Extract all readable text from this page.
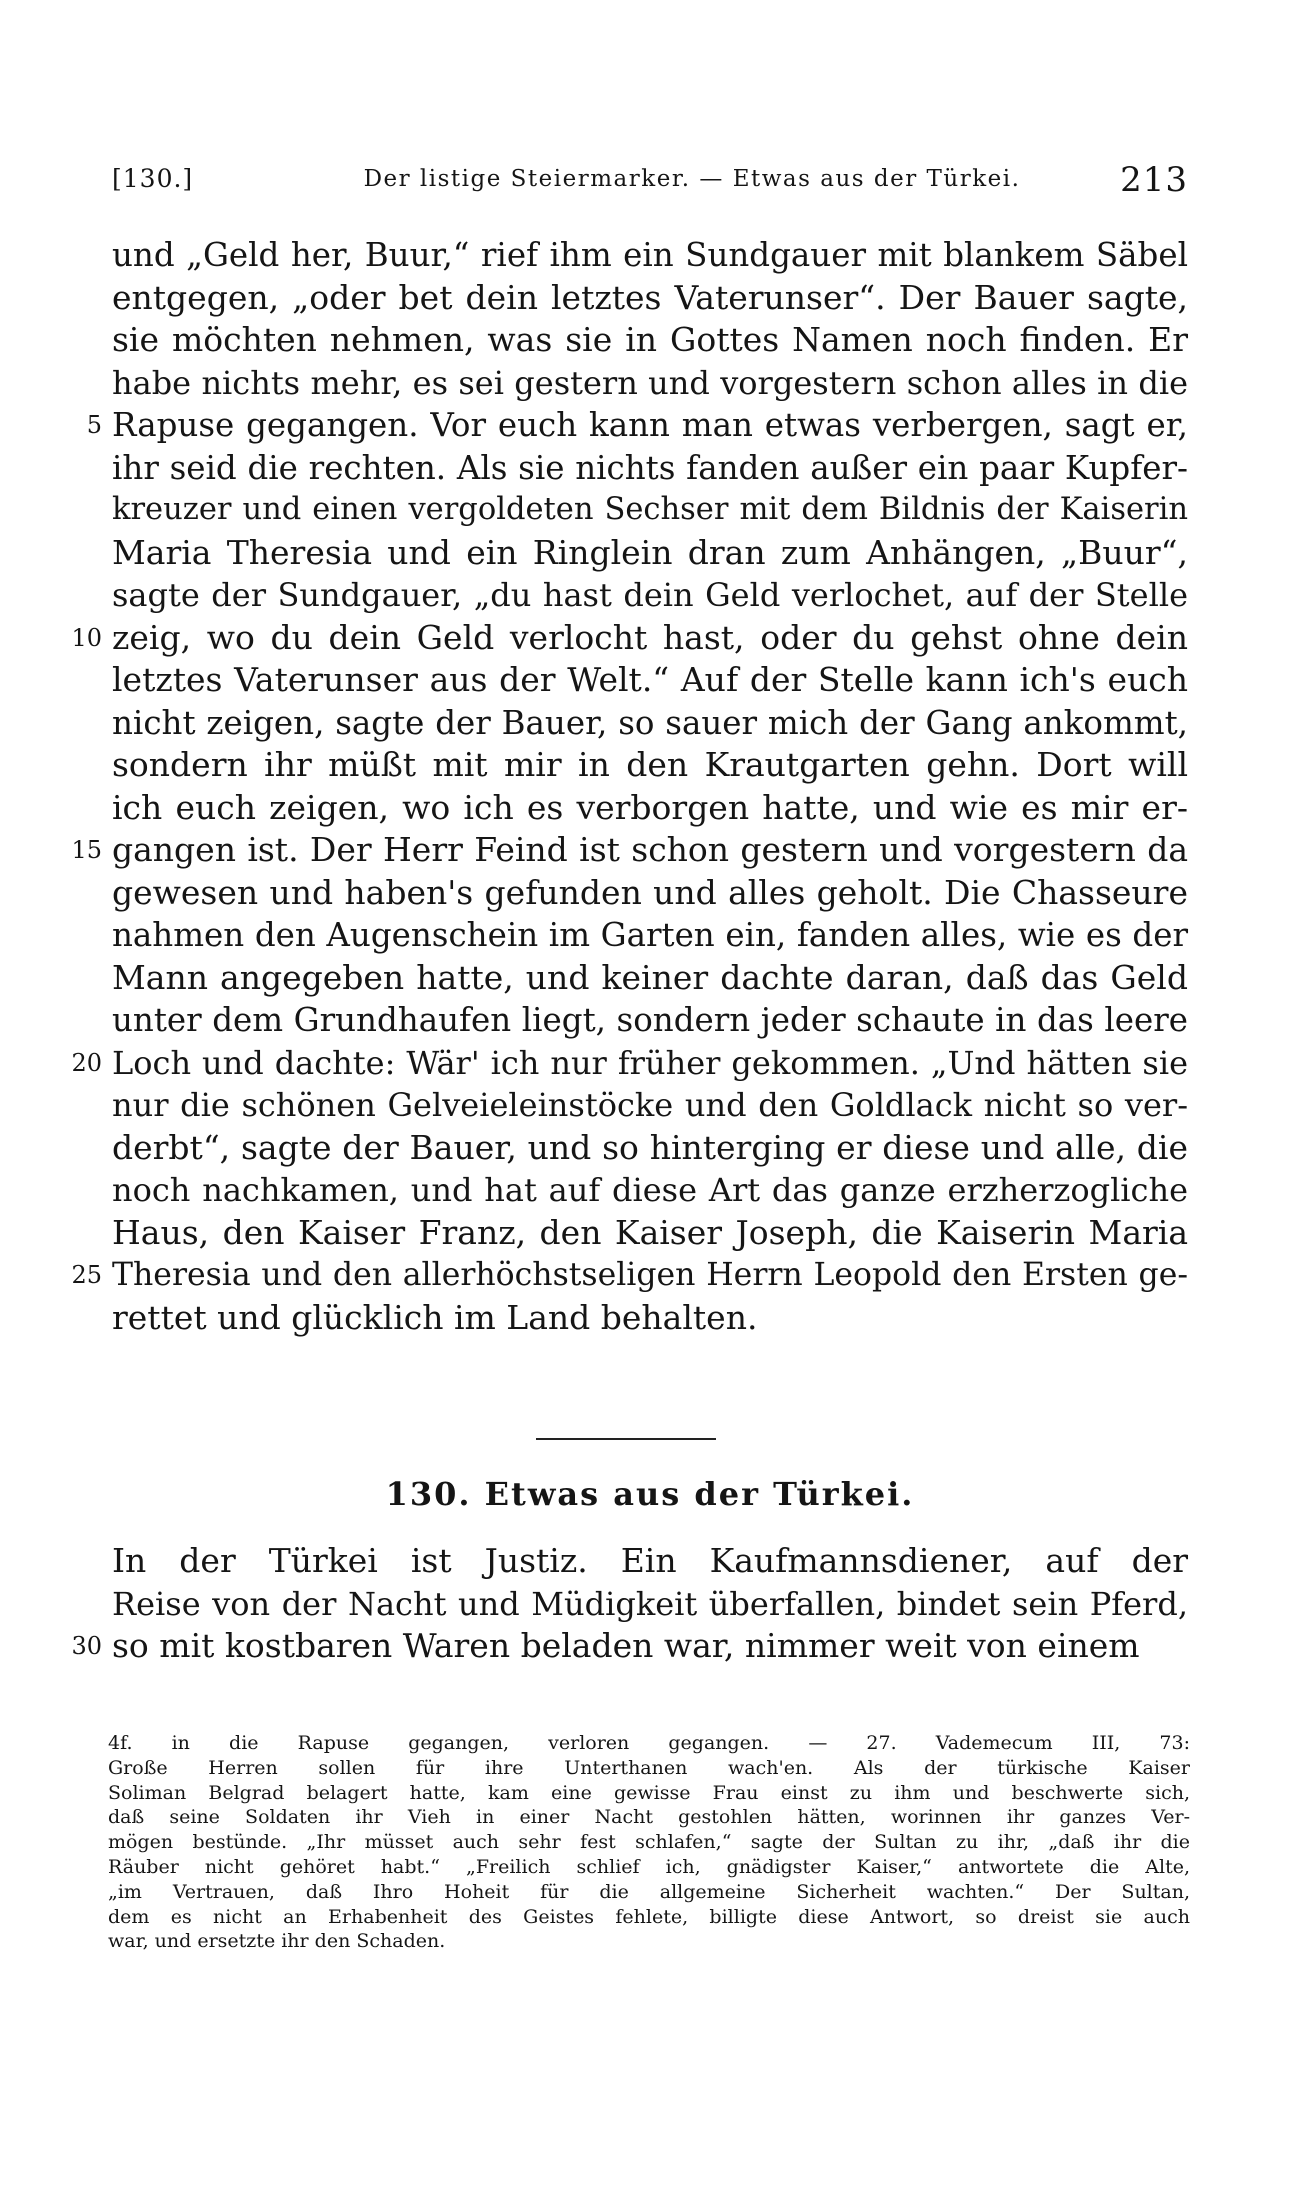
[130.]	Der listige Steiermarker. — Etwas aus der Türkei.	213
und „Geld her, Buur,“ rief ihm ein Sundgauer mit blankem Säbel
entgegen, „oder bet dein letztes Vaterunser“. Der Bauer sagte,
sie möchten nehmen, was sie in Gottes Namen noch finden. Er
habe nichts mehr, es sei gestern und vorgestern schon alles in die
5 Rapuse gegangen. Vor euch kann man etwas verbergen, sagt er,
ihr seid die rechten. Als sie nichts fanden außer ein paar Kupfer-
kreuzer und einen vergoldeten Sechser mit dem Bildnis der Kaiserin
Maria Theresia und ein Ringlein dran zum Anhängen, „Buur“,
sagte der Sundgauer, „du hast dein Geld verlochet, auf der Stelle
10 zeig, wo du dein Geld verlocht hast, oder du gehst ohne dein
letztes Vaterunser aus der Welt.“ Auf der Stelle kann ich's euch
nicht zeigen, sagte der Bauer, so sauer mich der Gang ankommt,
sondern ihr müßt mit mir in den Krautgarten gehn. Dort will
ich euch zeigen, wo ich es verborgen hatte, und wie es mir er-
15 gangen ist. Der Herr Feind ist schon gestern und vorgestern da
gewesen und haben's gefunden und alles geholt. Die Chasseure
nahmen den Augenschein im Garten ein, fanden alles, wie es der
Mann angegeben hatte, und keiner dachte daran, daß das Geld
unter dem Grundhaufen liegt, sondern jeder schaute in das leere
20 Loch und dachte: Wär' ich nur früher gekommen. „Und hätten sie
nur die schönen Gelveieleinstöcke und den Goldlack nicht so ver-
derbt“, sagte der Bauer, und so hinterging er diese und alle, die
noch nachkamen, und hat auf diese Art das ganze erzherzogliche
Haus, den Kaiser Franz, den Kaiser Joseph, die Kaiserin Maria
25 Theresia und den allerhöchstseligen Herrn Leopold den Ersten ge-
rettet und glücklich im Land behalten.
130. Etwas aus der Türkei.
In der Türkei ist Justiz. Ein Kaufmannsdiener, auf der
Reise von der Nacht und Müdigkeit überfallen, bindet sein Pferd,
30 so mit kostbaren Waren beladen war, nimmer weit von einem
4f. in die Rapuse gegangen, verloren gegangen. — 27. Vademecum III, 73:
Große Herren sollen für ihre Unterthanen wach'en. Als der türkische Kaiser
Soliman Belgrad belagert hatte, kam eine gewisse Frau einst zu ihm und beschwerte sich,
daß seine Soldaten ihr Vieh in einer Nacht gestohlen hätten, worinnen ihr ganzes Ver-
mögen bestünde. „Ihr müsset auch sehr fest schlafen,“ sagte der Sultan zu ihr, „daß ihr die
Räuber nicht gehöret habt.“ „Freilich schlief ich, gnädigster Kaiser,“ antwortete die Alte,
„im Vertrauen, daß Ihro Hoheit für die allgemeine Sicherheit wachten.“ Der Sultan,
dem es nicht an Erhabenheit des Geistes fehlete, billigte diese Antwort, so dreist sie auch
war, und ersetzte ihr den Schaden.
